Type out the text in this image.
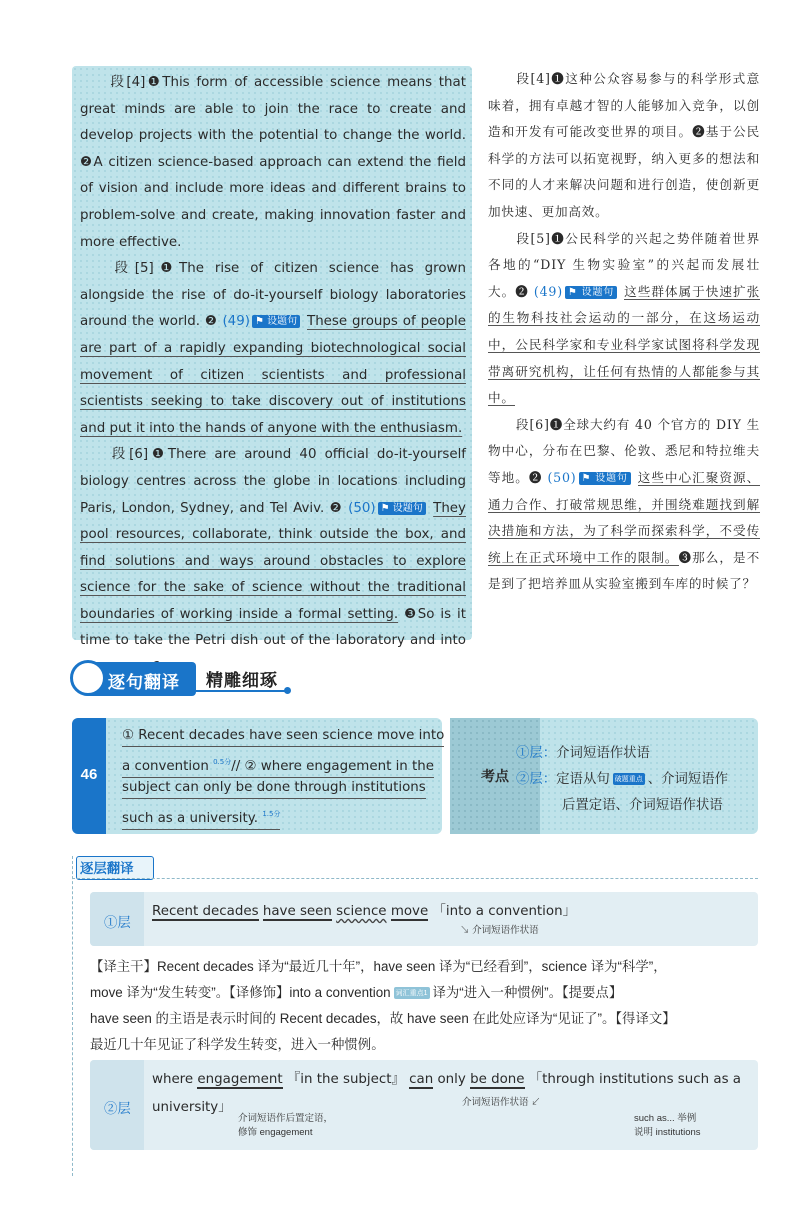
段[4]❶This form of accessible science means that great minds are able to join the race to create and develop projects with the potential to change the world. ❷A citizen science-based approach can extend the field of vision and include more ideas and different brains to problem-solve and create, making innovation faster and more effective.

段[5]❶The rise of citizen science has grown alongside the rise of do-it-yourself biology laboratories around the world. ❷ (49) ⚑ 设题句 These groups of people are part of a rapidly expanding biotechnological social movement of citizen scientists and professional scientists seeking to take discovery out of institutions and put it into the hands of anyone with the enthusiasm.

段[6]❶There are around 40 official do-it-yourself biology centres across the globe in locations including Paris, London, Sydney, and Tel Aviv. ❷ (50) ⚑ 设题句 They pool resources, collaborate, think outside the box, and find solutions and ways around obstacles to explore science for the sake of science without the traditional boundaries of working inside a formal setting. ❸So is it time to take the Petri dish out of the laboratory and into

段[4]❶这种公众容易参与的科学形式意味着，拥有卓越才智的人能够加入竞争，以创造和开发有可能改变世界的项目。❷基于公民科学的方法可以拓宽视野，纳入更多的想法和不同的人才来解决问题和进行创造，使创新更加快速、更加高效。

段[5]❶公民科学的兴起之势伴随着世界各地的“DIY 生物实验室”的兴起而发展壮大。❷ (49) ⚑ 设题句 这些群体属于快速扩张的生物科技社会运动的一部分，在这场运动中，公民科学家和专业科学家试图将科学发现带离研究机构，让任何有热情的人都能参与其中。

段[6]❶全球大约有 40 个官方的 DIY 生物中心，分布在巴黎、伦敦、悉尼和特拉维夫等地。❷ (50) ⚑ 设题句 这些中心汇聚资源、通力合作、打破常规思维，并围绕难题找到解决措施和方法，为了科学而探索科学，不受传统上在正式环境中工作的限制。❸那么，是不是到了把培养皿从实验室搬到车库的时候了？

逐句翻译 精雕细琢
46
① Recent decades have seen science move into
a convention $^{0.5分}$// ② where engagement in the
subject can only be done through institutions
such as a university. $^{1.5分}$
考点
①层：介词短语作状语
②层：定语从句 破题重点 、介词短语作
后置定语、介词短语作状语
逐层翻译
①层
Recent decades have seen science move 「into a convention」
↘ 介词短语作状语
【译主干】Recent decades 译为“最近几十年”，have seen 译为“已经看到”，science 译为“科学”，
move 译为“发生转变”。【译修饰】into a convention 词汇重点1 译为“进入一种惯例”。【提要点】
have seen 的主语是表示时间的 Recent decades，故 have seen 在此处应译为“见证了”。【得译文】
最近几十年见证了科学发生转变，进入一种惯例。
②层
where engagement 『in the subject』 can only be done 「through institutions such as a
university」
介词短语作后置定语，
修饰 engagement
介词短语作状语 ↙
such as... 举例
说明 institutions
